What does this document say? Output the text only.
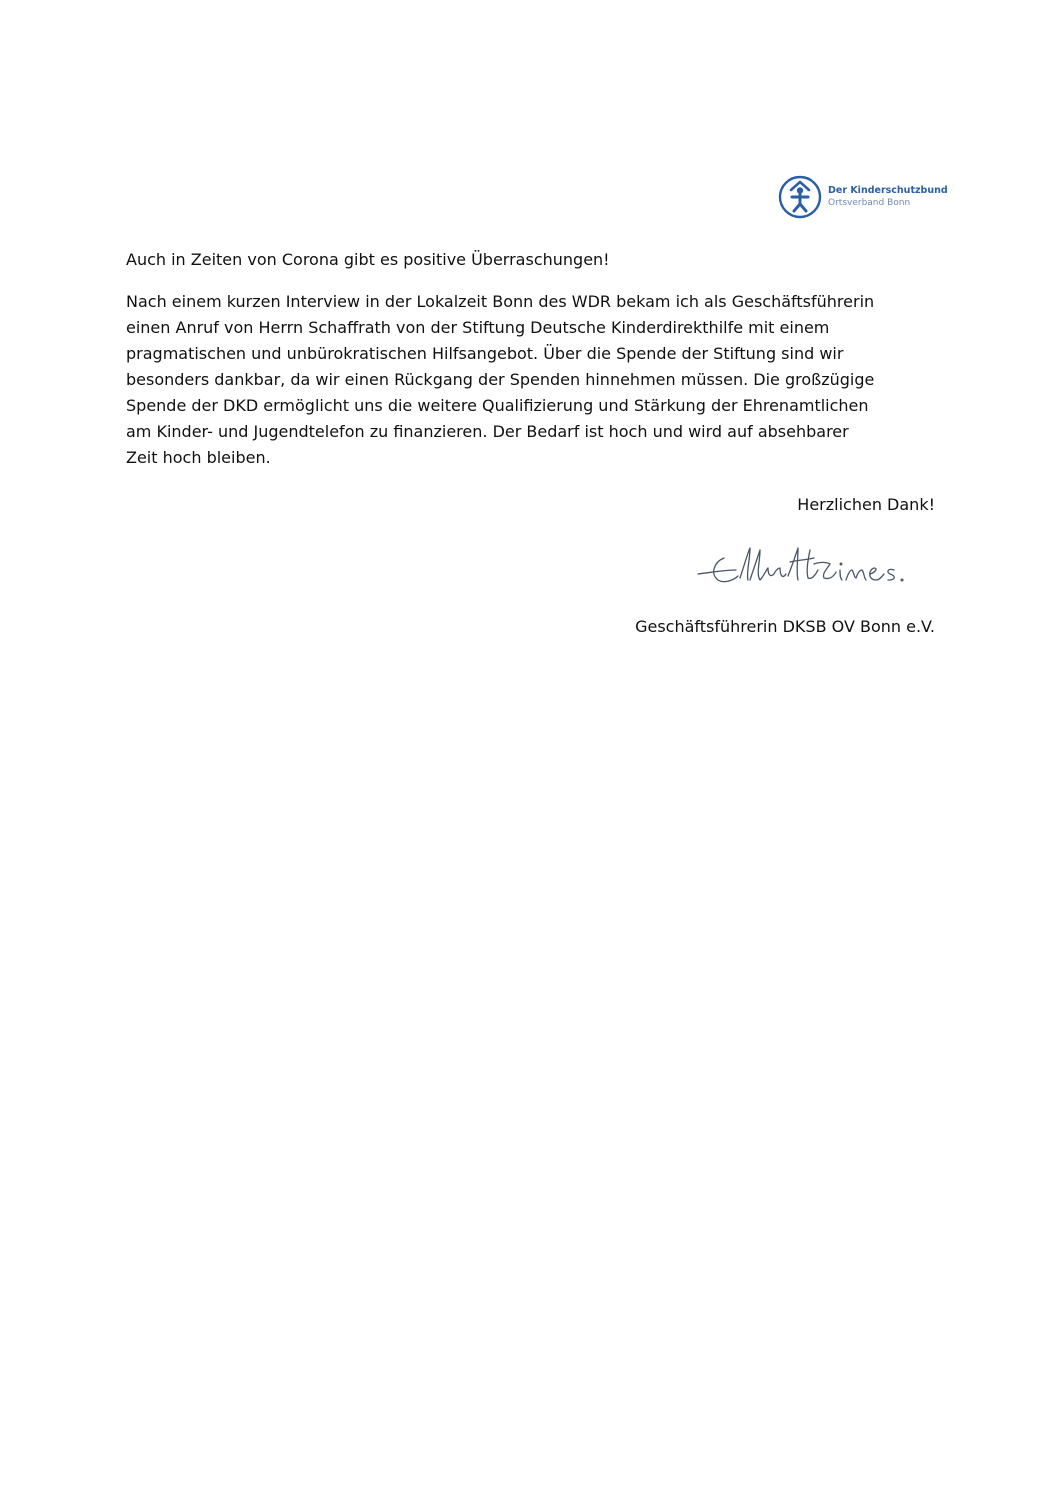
Der Kinderschutzbund
Ortsverband Bonn

Auch in Zeiten von Corona gibt es positive Überraschungen!

Nach einem kurzen Interview in der Lokalzeit Bonn des WDR bekam ich als Geschäftsführerin
einen Anruf von Herrn Schaffrath von der Stiftung Deutsche Kinderdirekthilfe mit einem
pragmatischen und unbürokratischen Hilfsangebot. Über die Spende der Stiftung sind wir
besonders dankbar, da wir einen Rückgang der Spenden hinnehmen müssen. Die großzügige
Spende der DKD ermöglicht uns die weitere Qualifizierung und Stärkung der Ehrenamtlichen
am Kinder- und Jugendtelefon zu finanzieren. Der Bedarf ist hoch und wird auf absehbarer
Zeit hoch bleiben.

Herzlichen Dank!
Geschäftsführerin DKSB OV Bonn e.V.
